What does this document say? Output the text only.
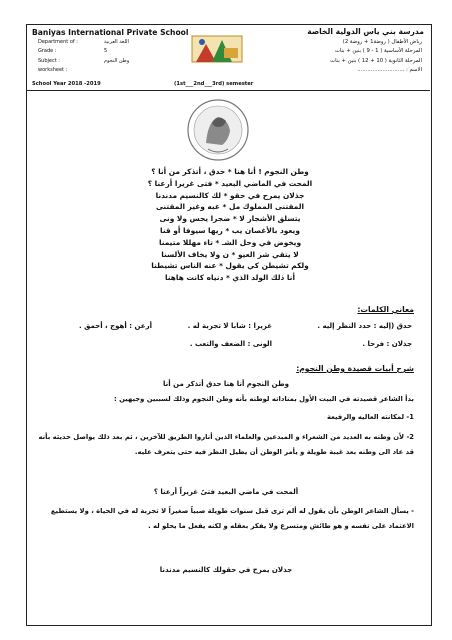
Baniyas International Private School
Department of :	اللغة العربية
Grade :	5
Subject :	وطن النجوم
worksheet :
School Year 2018 -2019	(1st___2nd___3rd) semester
مدرسة بني ياس الدولية الخاصة
رياض الأطفال ( روضة1 + روضة 2)
المرحلة الأساسية ( 1 - 9 ) بنين + بنات
المرحلة الثانوية ( 10 + 12 ) بنين + بنات
الاسم : ............................
وطن النجوم ! أنا هنا * حدق ، أتذكر من أنا ؟
المحت في الماضي البعيد * فتى غريرا أرعنا ؟
جذلان يمرح في حقو * لك كالنسيم مدندنا
المقتنى المملوك مل * عبه وغير المقتنى
يتسلق الأشجار لا * ضجرا يحس ولا ونى
ويعود بالأغصان يب * ريها سيوفا أو قنا
ويخوض في وحل الشـ * تاء مهللا متيمنا
لا يتقي شر العيو * ن ولا يخاف الألسنا
ولكم تشيطن كي يقول * عنه الناس تشيطنا
أنا ذلك الولد الذي * دنياه كانت هاهنا
معاني الكلمات:
حدق (إليه : حدد النظر إليه .
غريرا : شابا لا تجربة له .
أرعن : أهوج ، أحمق .
جذلان : فرحا .
الونى : الضعف والتعب .
شرح أبيات قصيدة وطن النجوم:
وطن النجوم أنا هنا حدق أتذكر من أنا
بدأ الشاعر قصيدته في البيت الأول بمناداته لوطنه بأنه وطن النجوم وذلك لسببين وجيهين :
1- لمكانته العاليه والرفيعة
2- لأن وطنه به العديد من الشعراء و المبدعين والعلماء الذين أناروا الطريق للآخرين ، ثم بعد ذلك يواصل حديثه بأنه قد عاد الى وطنه بعد غيبة طويلة و يأمر الوطن أن يطيل النظر فيه حتى يتعرف عليه.
ألمحت في ماضي البعيد فتىً غريراً أرعنا ؟
- يسأل الشاعر الوطن بأن يقول له ألم ترى قبل سنوات طويلة صبياً صغيراً لا تجربة له في الحياة ، ولا يستطيع الاعتماد على نفسه و هو طائش ومتسرع ولا يفكر بعقله و لكنه يفعل ما يحلو له .
جذلان يمرح في حقولك كالنسيم مدندنا
